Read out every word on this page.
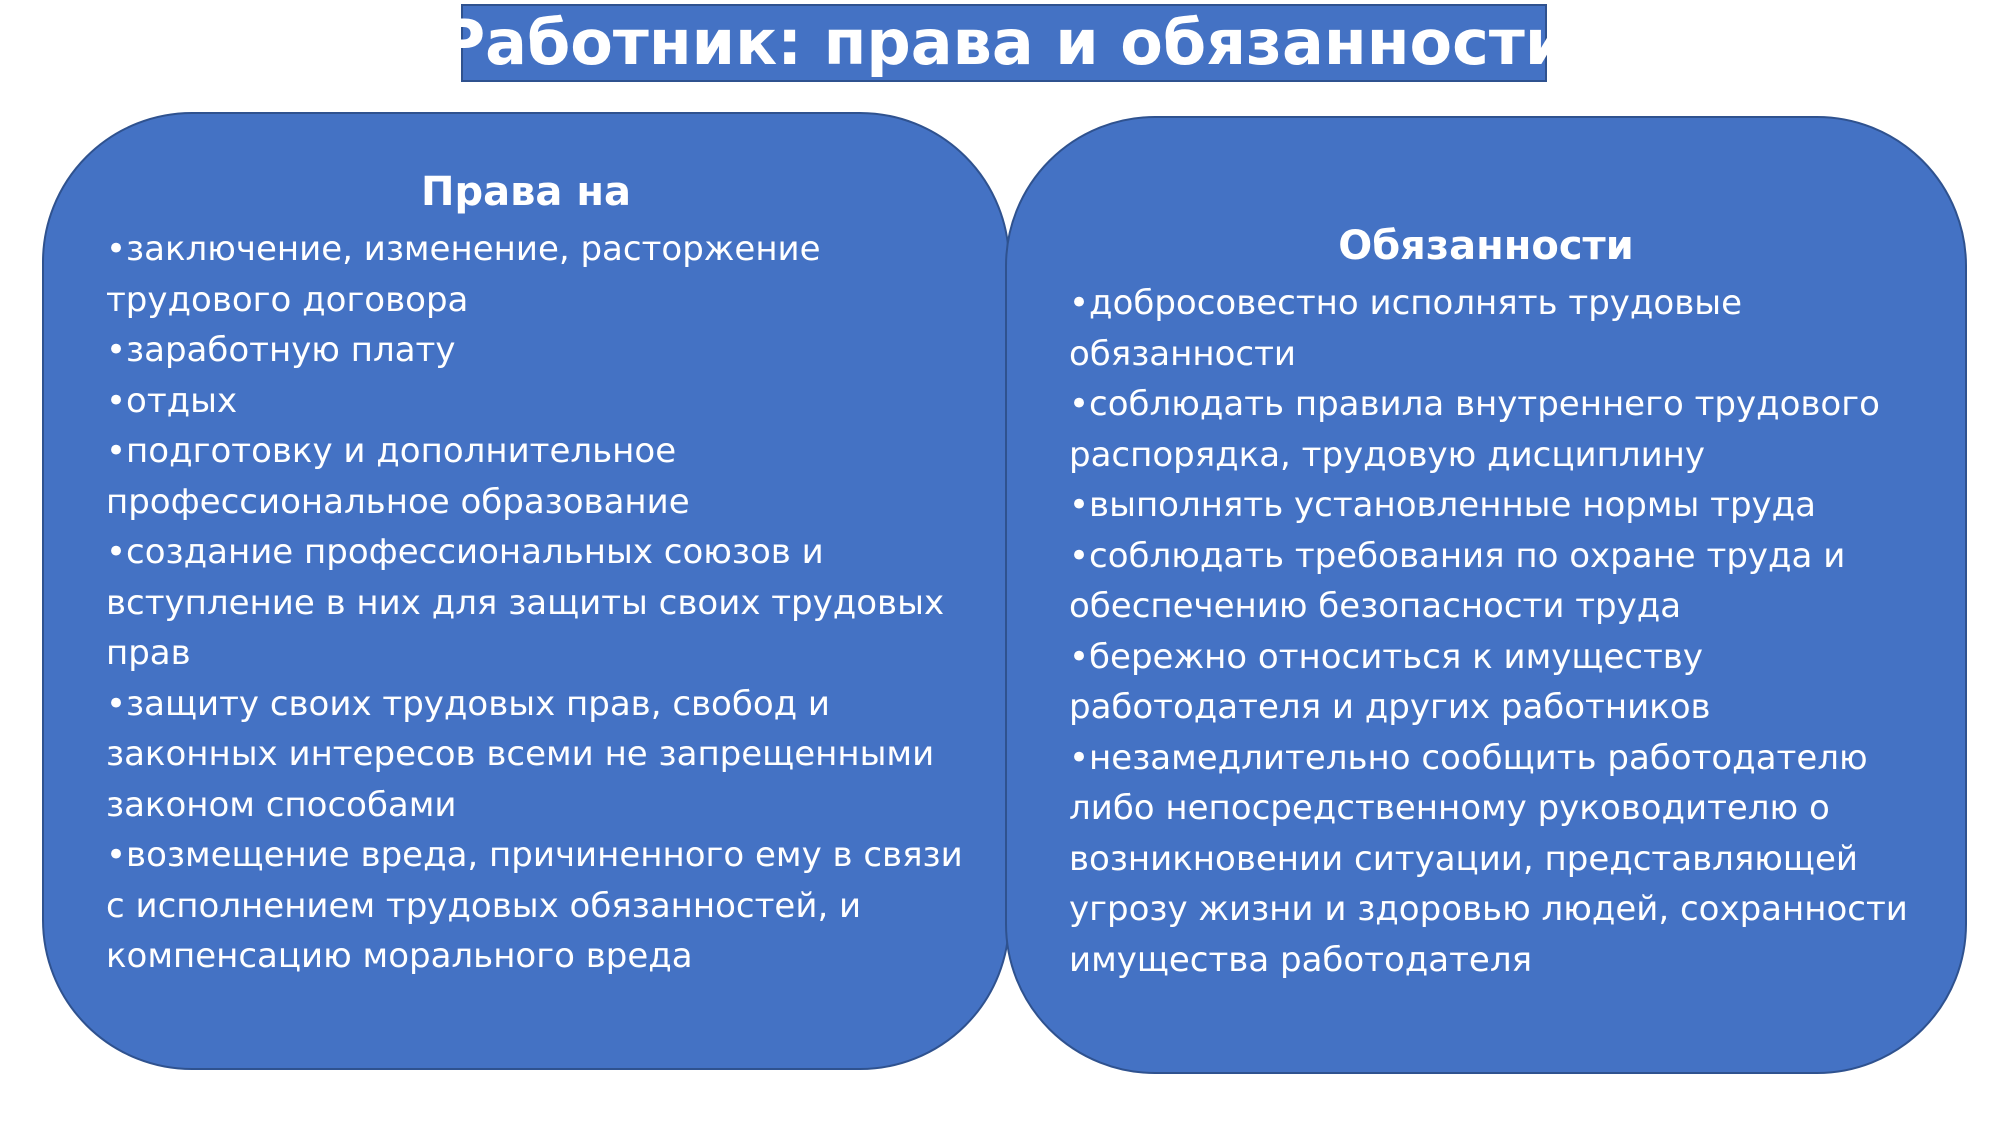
Работник: права и обязанности
Права на
•заключение, изменение, расторжение трудового договора
•заработную плату
•отдых
•подготовку и дополнительное профессиональное образование
•создание профессиональных союзов и вступление в них для защиты своих трудовых прав
•защиту своих трудовых прав, свобод и законных интересов всеми не запрещенными законом способами
•возмещение вреда, причиненного ему в связи с исполнением трудовых обязанностей, и компенсацию морального вреда
Обязанности
•добросовестно исполнять трудовые обязанности
•соблюдать правила внутреннего трудового распорядка, трудовую дисциплину
•выполнять установленные нормы труда
•соблюдать требования по охране труда и обеспечению безопасности труда
•бережно относиться к имуществу работодателя и других работников
•незамедлительно сообщить работодателю либо непосредственному руководителю о возникновении ситуации, представляющей угрозу жизни и здоровью людей, сохранности имущества работодателя
